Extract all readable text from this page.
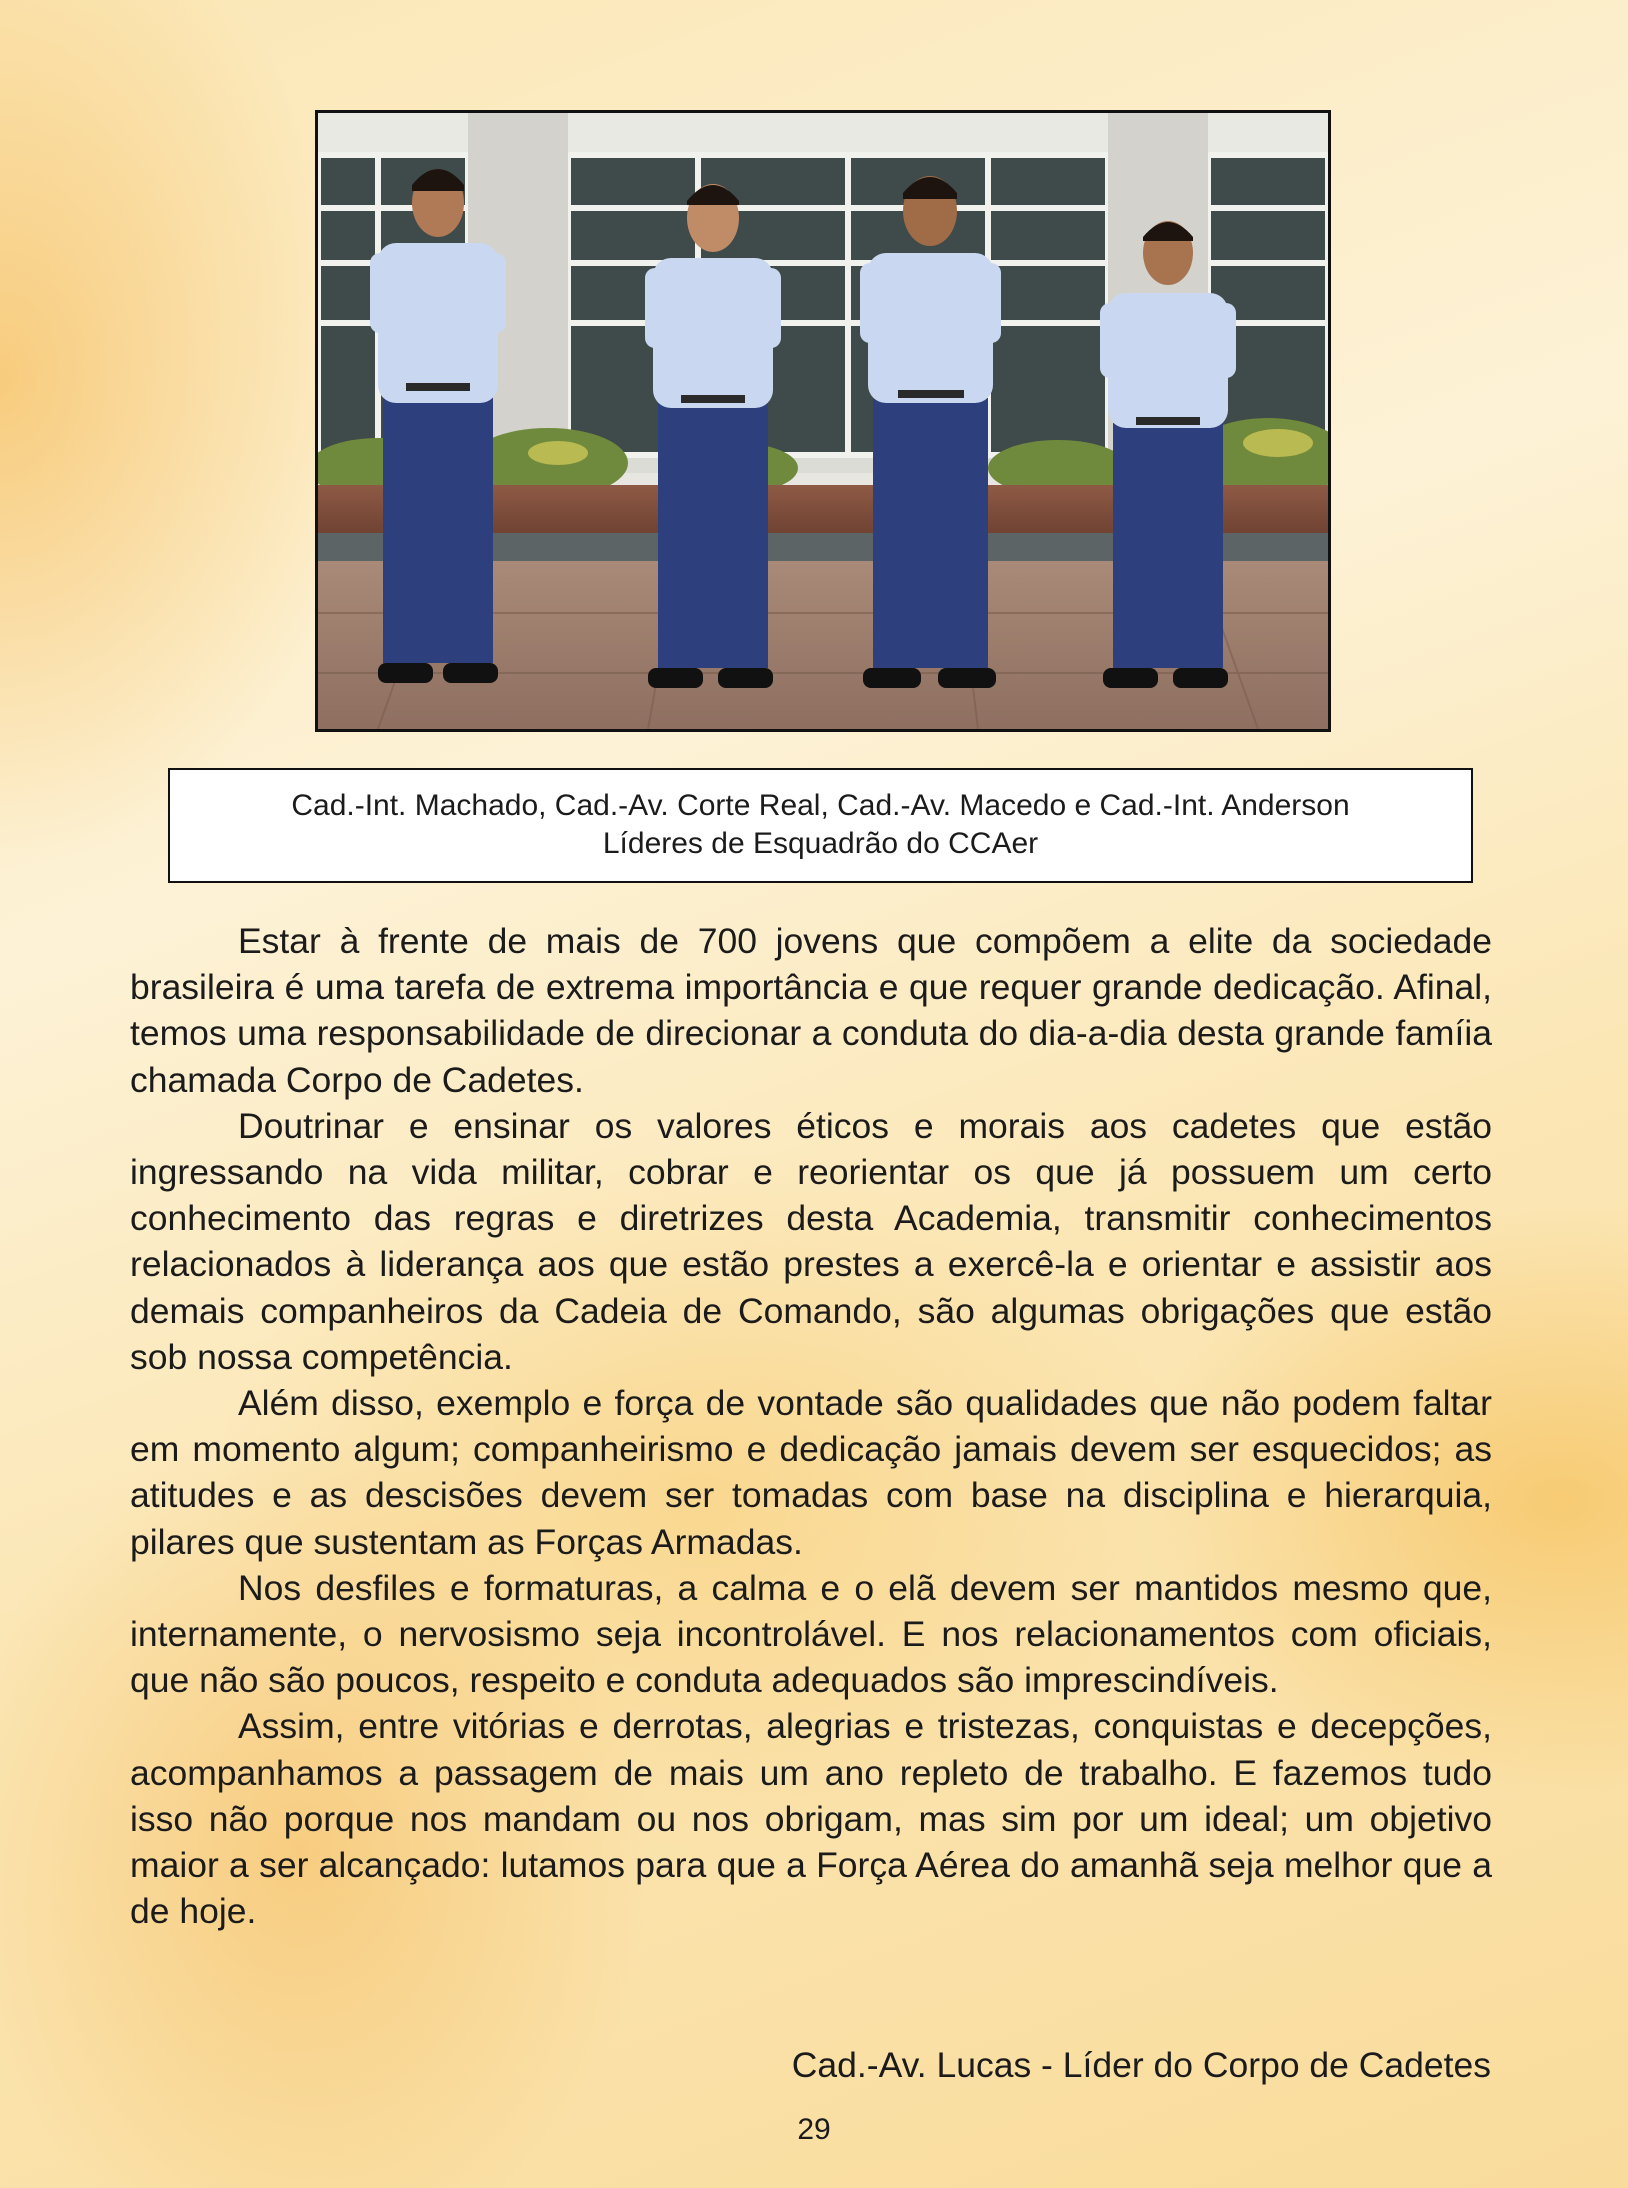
Cad.-Int. Machado, Cad.-Av. Corte Real, Cad.-Av. Macedo e Cad.-Int. Anderson
Líderes de Esquadrão do CCAer

Estar à frente de mais de 700 jovens que compõem a elite da sociedade brasileira é uma tarefa de extrema importância e que requer grande dedicação. Afinal, temos uma responsabilidade de direcionar a conduta do dia-a-dia desta grande famíia chamada Corpo de Cadetes.

Doutrinar e ensinar os valores éticos e morais aos cadetes que estão ingressando na vida militar, cobrar e reorientar os que já possuem um certo conhecimento das regras e diretrizes desta Academia, transmitir conhecimentos relacionados à liderança aos que estão prestes a exercê-la e orientar e assistir aos demais companheiros da Cadeia de Comando, são algumas obrigações que estão sob nossa competência.

Além disso, exemplo e força de vontade são qualidades que não podem faltar em momento algum; companheirismo e dedicação jamais devem ser esquecidos; as atitudes e as descisões devem ser tomadas com base na disciplina e hierarquia, pilares que sustentam as Forças Armadas.

Nos desfiles e formaturas, a calma e o elã devem ser mantidos mesmo que, internamente, o nervosismo seja incontrolável. E nos relacionamentos com oficiais, que não são poucos, respeito e conduta adequados são imprescindíveis.

Assim, entre vitórias e derrotas, alegrias e tristezas, conquistas e decepções, acompanhamos a passagem de mais um ano repleto de trabalho. E fazemos tudo isso não porque nos mandam ou nos obrigam, mas sim por um ideal; um objetivo maior a ser alcançado: lutamos para que a Força Aérea do amanhã seja melhor que a de hoje.

Cad.-Av. Lucas - Líder do Corpo de Cadetes
29
